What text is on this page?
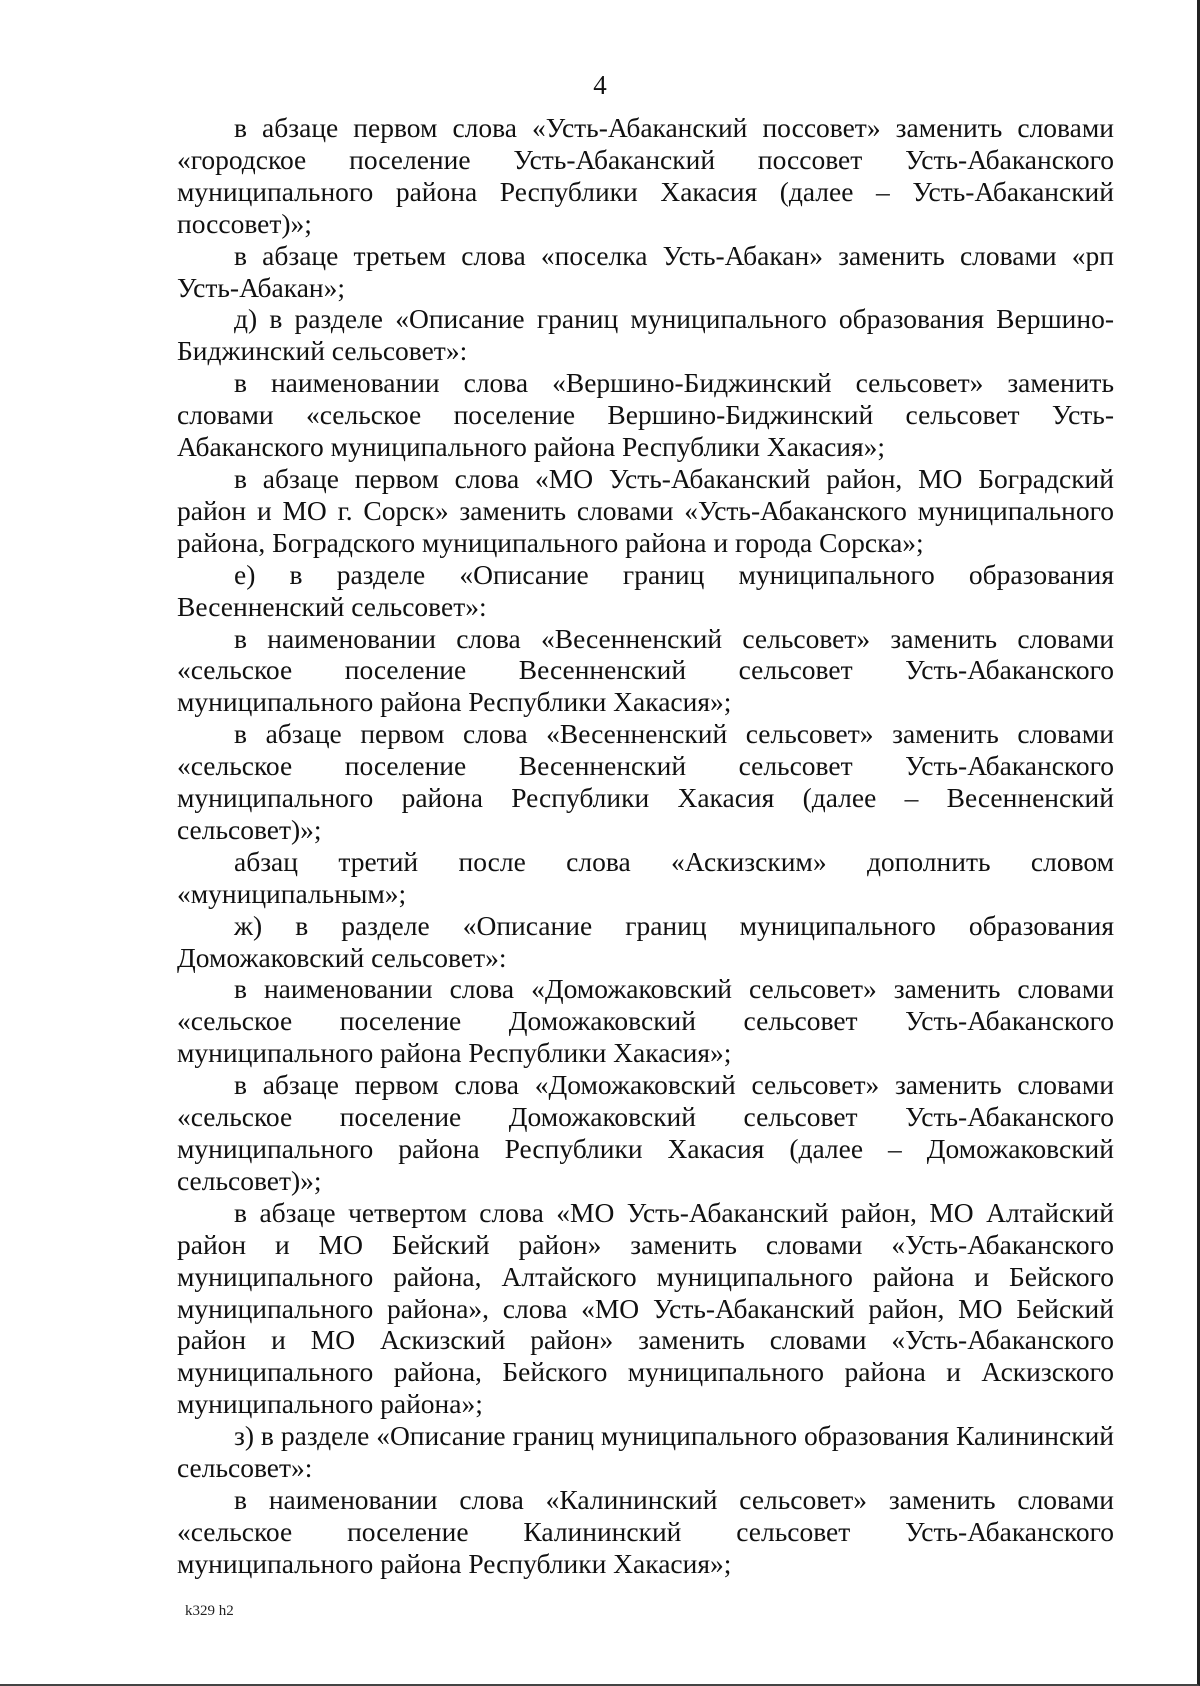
4

в абзаце первом слова «Усть-Абаканский поссовет» заменить словами «городское поселение Усть-Абаканский поссовет Усть-Абаканского муниципального района Республики Хакасия (далее – Усть-Абаканский поссовет)»;

в абзаце третьем слова «поселка Усть-Абакан» заменить словами «рп Усть-Абакан»;

д) в разделе «Описание границ муниципального образования Вершино-Биджинский сельсовет»:

в наименовании слова «Вершино-Биджинский сельсовет» заменить словами «сельское поселение Вершино-Биджинский сельсовет Усть-Абаканского муниципального района Республики Хакасия»;

в абзаце первом слова «МО Усть-Абаканский район, МО Боградский район и МО г. Сорск» заменить словами «Усть-Абаканского муниципального района, Боградского муниципального района и города Сорска»;

е) в разделе «Описание границ муниципального образования Весенненский сельсовет»:

в наименовании слова «Весенненский сельсовет» заменить словами «сельское поселение Весенненский сельсовет Усть-Абаканского муниципального района Республики Хакасия»;

в абзаце первом слова «Весенненский сельсовет» заменить словами «сельское поселение Весенненский сельсовет Усть-Абаканского муниципального района Республики Хакасия (далее – Весенненский сельсовет)»;

абзац третий после слова «Аскизским» дополнить словом «муниципальным»;

ж) в разделе «Описание границ муниципального образования Доможаковский сельсовет»:

в наименовании слова «Доможаковский сельсовет» заменить словами «сельское поселение Доможаковский сельсовет Усть-Абаканского муниципального района Республики Хакасия»;

в абзаце первом слова «Доможаковский сельсовет» заменить словами «сельское поселение Доможаковский сельсовет Усть-Абаканского муниципального района Республики Хакасия (далее – Доможаковский сельсовет)»;

в абзаце четвертом слова «МО Усть-Абаканский район, МО Алтайский район и МО Бейский район» заменить словами «Усть-Абаканского муниципального района, Алтайского муниципального района и Бейского муниципального района», слова «МО Усть-Абаканский район, МО Бейский район и МО Аскизский район» заменить словами «Усть-Абаканского муниципального района, Бейского муниципального района и Аскизского муниципального района»;

з) в разделе «Описание границ муниципального образования Калининский сельсовет»:

в наименовании слова «Калининский сельсовет» заменить словами «сельское поселение Калининский сельсовет Усть-Абаканского муниципального района Республики Хакасия»;

k329 h2
